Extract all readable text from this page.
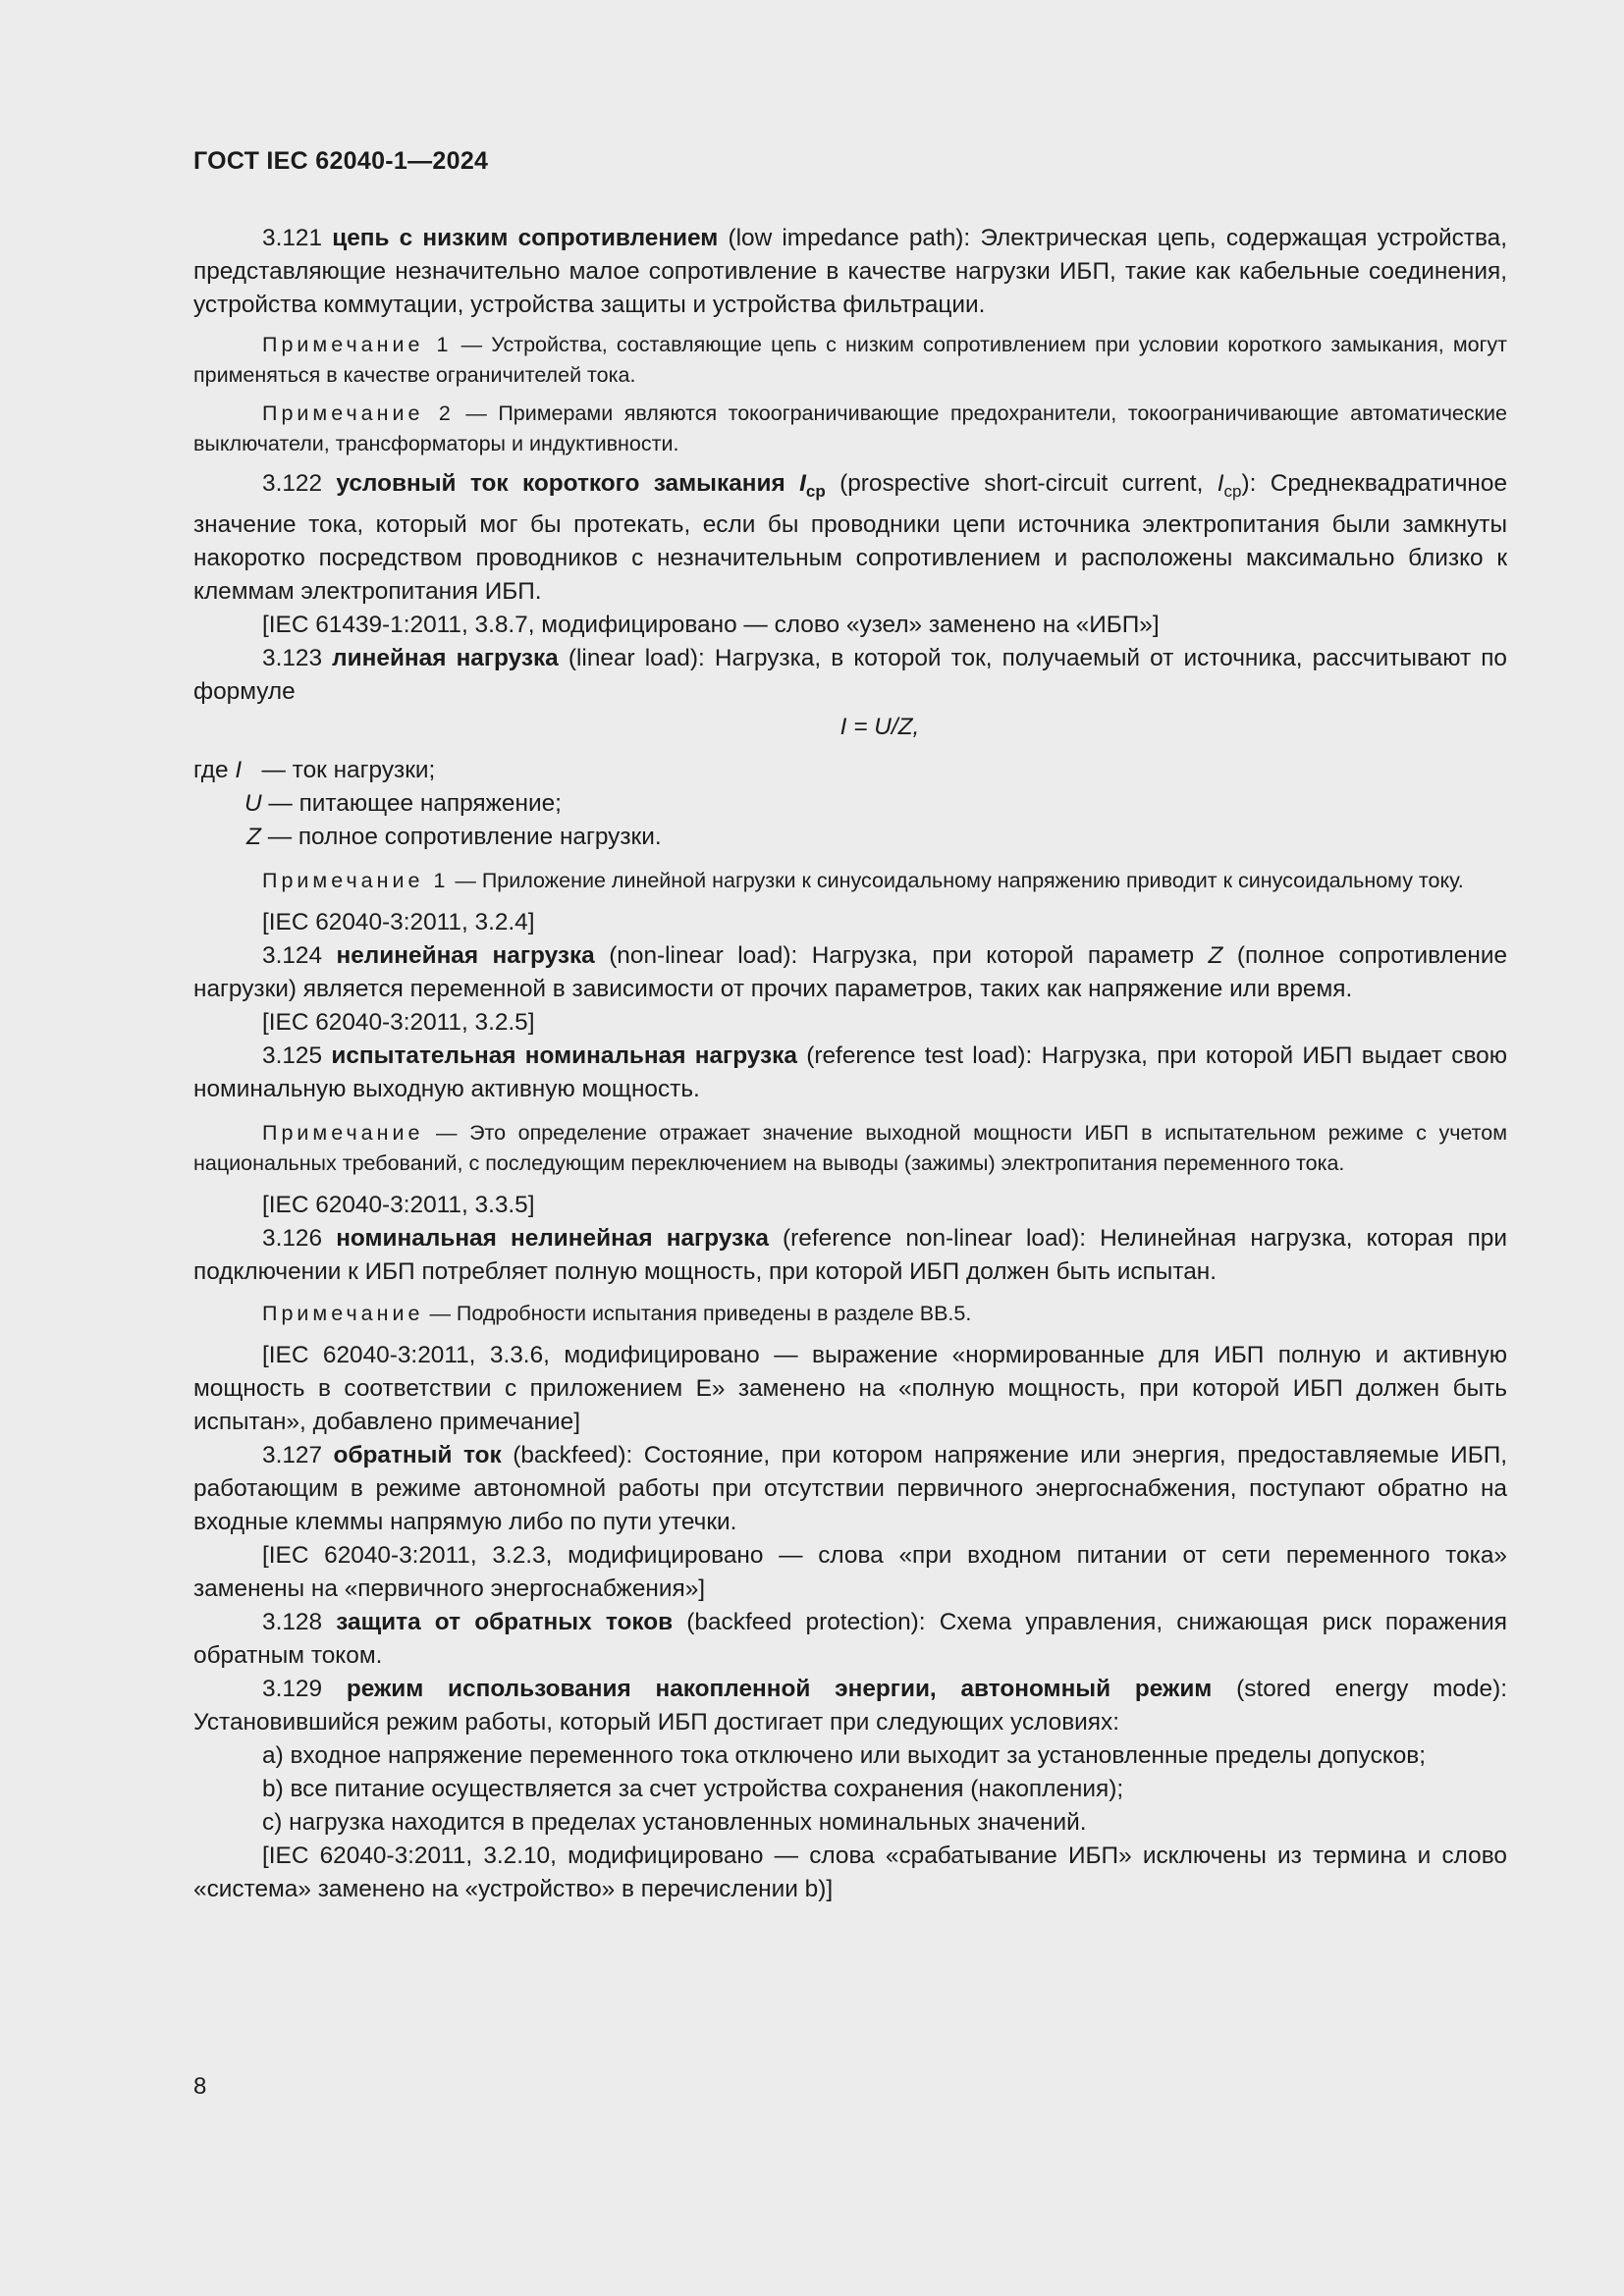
ГОСТ IEC 62040-1—2024

3.121 цепь с низким сопротивлением (low impedance path): Электрическая цепь, содержащая устройства, представляющие незначительно малое сопротивление в качестве нагрузки ИБП, такие как кабельные соединения, устройства коммутации, устройства защиты и устройства фильтрации.

Примечание 1 — Устройства, составляющие цепь с низким сопротивлением при условии короткого замыкания, могут применяться в качестве ограничителей тока.

Примечание 2 — Примерами являются токоограничивающие предохранители, токоограничивающие автоматические выключатели, трансформаторы и индуктивности.

3.122 условный ток короткого замыкания $I_{ср}$ (prospective short-circuit current, $I_{ср}$): Среднеквадратичное значение тока, который мог бы протекать, если бы проводники цепи источника электропитания были замкнуты накоротко посредством проводников с незначительным сопротивлением и расположены максимально близко к клеммам электропитания ИБП.

[IEC 61439-1:2011, 3.8.7, модифицировано — слово «узел» заменено на «ИБП»]

3.123 линейная нагрузка (linear load): Нагрузка, в которой ток, получаемый от источника, рассчитывают по формуле

I = U/Z,

где I — ток нагрузки;

U — питающее напряжение;

Z — полное сопротивление нагрузки.

Примечание 1 — Приложение линейной нагрузки к синусоидальному напряжению приводит к синусоидальному току.

[IEC 62040-3:2011, 3.2.4]

3.124 нелинейная нагрузка (non-linear load): Нагрузка, при которой параметр Z (полное сопротивление нагрузки) является переменной в зависимости от прочих параметров, таких как напряжение или время.

[IEC 62040-3:2011, 3.2.5]

3.125 испытательная номинальная нагрузка (reference test load): Нагрузка, при которой ИБП выдает свою номинальную выходную активную мощность.

Примечание — Это определение отражает значение выходной мощности ИБП в испытательном режиме с учетом национальных требований, с последующим переключением на выводы (зажимы) электропитания переменного тока.

[IEC 62040-3:2011, 3.3.5]

3.126 номинальная нелинейная нагрузка (reference non-linear load): Нелинейная нагрузка, которая при подключении к ИБП потребляет полную мощность, при которой ИБП должен быть испытан.

Примечание — Подробности испытания приведены в разделе ВВ.5.

[IEC 62040-3:2011, 3.3.6, модифицировано — выражение «нормированные для ИБП полную и активную мощность в соответствии с приложением Е» заменено на «полную мощность, при которой ИБП должен быть испытан», добавлено примечание]

3.127 обратный ток (backfeed): Состояние, при котором напряжение или энергия, предоставляемые ИБП, работающим в режиме автономной работы при отсутствии первичного энергоснабжения, поступают обратно на входные клеммы напрямую либо по пути утечки.

[IEC 62040-3:2011, 3.2.3, модифицировано — слова «при входном питании от сети переменного тока» заменены на «первичного энергоснабжения»]

3.128 защита от обратных токов (backfeed protection): Схема управления, снижающая риск поражения обратным током.

3.129 режим использования накопленной энергии, автономный режим (stored energy mode): Установившийся режим работы, который ИБП достигает при следующих условиях:

a) входное напряжение переменного тока отключено или выходит за установленные пределы допусков;

b) все питание осуществляется за счет устройства сохранения (накопления);

c) нагрузка находится в пределах установленных номинальных значений.

[IEC 62040-3:2011, 3.2.10, модифицировано — слова «срабатывание ИБП» исключены из термина и слово «система» заменено на «устройство» в перечислении b)]

8
